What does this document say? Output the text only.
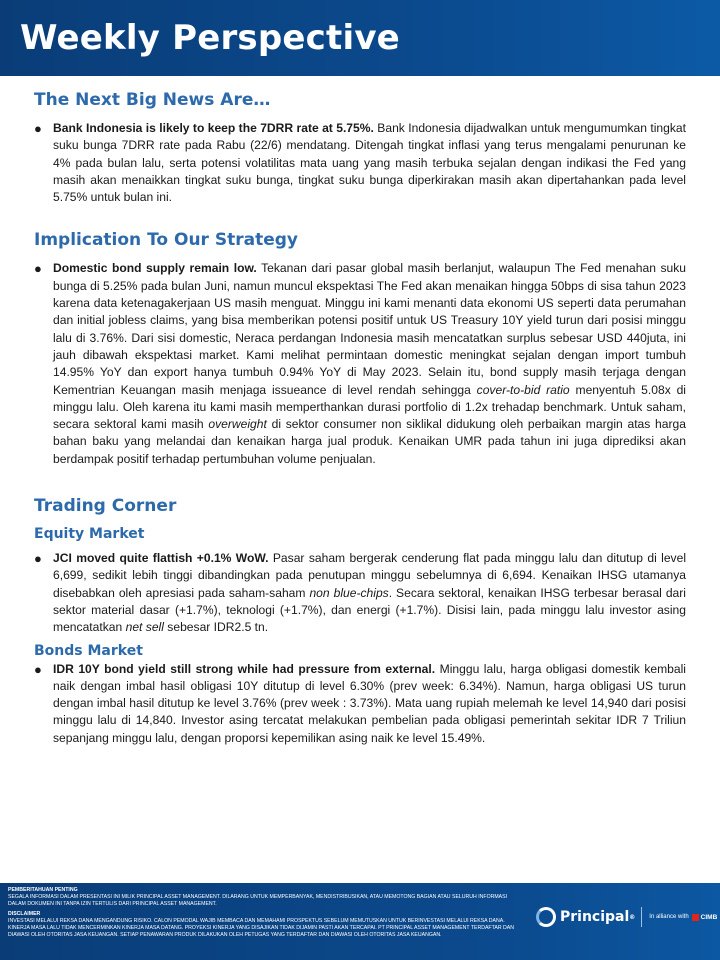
Weekly Perspective
The Next Big News Are…
● Bank Indonesia is likely to keep the 7DRR rate at 5.75%. Bank Indonesia dijadwalkan untuk mengumumkan tingkat suku bunga 7DRR rate pada Rabu (22/6) mendatang. Ditengah tingkat inflasi yang terus mengalami penurunan ke 4% pada bulan lalu, serta potensi volatilitas mata uang yang masih terbuka sejalan dengan indikasi the Fed yang masih akan menaikkan tingkat suku bunga, tingkat suku bunga diperkirakan masih akan dipertahankan pada level 5.75% untuk bulan ini.

Implication To Our Strategy
● Domestic bond supply remain low. Tekanan dari pasar global masih berlanjut, walaupun The Fed menahan suku bunga di 5.25% pada bulan Juni, namun muncul ekspektasi The Fed akan menaikan hingga 50bps di sisa tahun 2023 karena data ketenagakerjaan US masih menguat. Minggu ini kami menanti data ekonomi US seperti data perumahan dan initial jobless claims, yang bisa memberikan potensi positif untuk US Treasury 10Y yield turun dari posisi minggu lalu di 3.76%. Dari sisi domestic, Neraca perdangan Indonesia masih mencatatkan surplus sebesar USD 440juta, ini jauh dibawah ekspektasi market. Kami melihat permintaan domestic meningkat sejalan dengan import tumbuh 14.95% YoY dan export hanya tumbuh 0.94% YoY di May 2023. Selain itu, bond supply masih terjaga dengan Kementrian Keuangan masih menjaga issueance di level rendah sehingga cover-to-bid ratio menyentuh 5.08x di minggu lalu. Oleh karena itu kami masih memperthankan durasi portfolio di 1.2x trehadap benchmark. Untuk saham, secara sektoral kami masih overweight di sektor consumer non siklikal didukung oleh perbaikan margin atas harga bahan baku yang melandai dan kenaikan harga jual produk. Kenaikan UMR pada tahun ini juga diprediksi akan berdampak positif terhadap pertumbuhan volume penjualan.

Trading Corner
Equity Market
● JCI moved quite flattish +0.1% WoW. Pasar saham bergerak cenderung flat pada minggu lalu dan ditutup di level 6,699, sedikit lebih tinggi dibandingkan pada penutupan minggu sebelumnya di 6,694. Kenaikan IHSG utamanya disebabkan oleh apresiasi pada saham-saham non blue-chips. Secara sektoral, kenaikan IHSG terbesar berasal dari sektor material dasar (+1.7%), teknologi (+1.7%), dan energi (+1.7%). Disisi lain, pada minggu lalu investor asing mencatatkan net sell sebesar IDR2.5 tn.

Bonds Market
● IDR 10Y bond yield still strong while had pressure from external. Minggu lalu, harga obligasi domestik kembali naik dengan imbal hasil obligasi 10Y ditutup di level 6.30% (prev week: 6.34%). Namun, harga obligasi US turun dengan imbal hasil ditutup ke level 3.76% (prev week : 3.73%). Mata uang rupiah melemah ke level 14,940 dari posisi minggu lalu di 14,840. Investor asing tercatat melakukan pembelian pada obligasi pemerintah sekitar IDR 7 Triliun sepanjang minggu lalu, dengan proporsi kepemilikan asing naik ke level 15.49%.

PEMBERITAHUAN PENTING
SEGALA INFORMASI DALAM PRESENTASI INI MILIK PRINCIPAL ASSET MANAGEMENT. DILARANG UNTUK MEMPERBANYAK, MENDISTRIBUSIKAN, ATAU MEMOTONG BAGIAN ATAU SELURUH INFORMASI DALAM DOKUMEN INI TANPA IZIN TERTULIS DARI PRINCIPAL ASSET MANAGEMENT.
DISCLAIMER
INVESTASI MELALUI REKSA DANA MENGANDUNG RISIKO. CALON PEMODAL WAJIB MEMBACA DAN MEMAHAMI PROSPEKTUS SEBELUM MEMUTUSKAN UNTUK BERINVESTASI MELALUI REKSA DANA. KINERJA MASA LALU TIDAK MENCERMINKAN KINERJA MASA DATANG. PROYEKSI KINERJA YANG DISAJIKAN TIDAK DIJAMIN PASTI AKAN TERCAPAI. PT PRINCIPAL ASSET MANAGEMENT TERDAFTAR DAN DIAWASI OLEH OTORITAS JASA KEUANGAN. SETIAP PENAWARAN PRODUK DILAKUKAN OLEH PETUGAS YANG TERDAFTAR DAN DIAWASI OLEH OTORITAS JASA KEUANGAN.
Principal ® In alliance with CIMB
